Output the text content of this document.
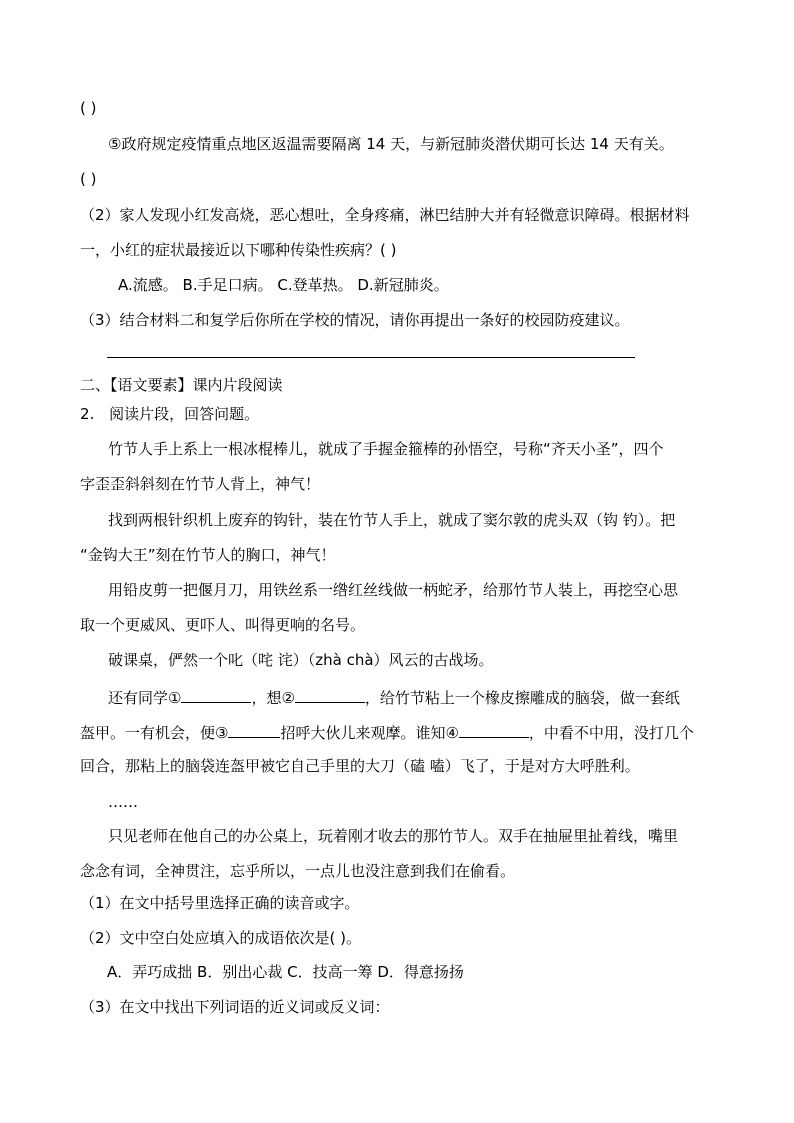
( )
⑤政府规定疫情重点地区返温需要隔离 14 天，与新冠肺炎潜伏期可长达 14 天有关。
( )
（2）家人发现小红发高烧，恶心想吐，全身疼痛，淋巴结肿大并有轻微意识障碍。根据材料
一，小红的症状最接近以下哪种传染性疾病？( )
A.流感。 B.手足口病。 C.登革热。 D.新冠肺炎。
（3）结合材料二和复学后你所在学校的情况，请你再提出一条好的校园防疫建议。
二、【语文要素】课内片段阅读
2. 阅读片段，回答问题。
竹节人手上系上一根冰棍棒儿，就成了手握金箍棒的孙悟空，号称“齐天小圣”，四个
字歪歪斜斜刻在竹节人背上，神气！
找到两根针织机上废弃的钩针，装在竹节人手上，就成了窦尔敦的虎头双（钩 钓）。把
“金钩大王”刻在竹节人的胸口，神气！
用铅皮剪一把偃月刀，用铁丝系一绺红丝线做一柄蛇矛，给那竹节人装上，再挖空心思
取一个更威风、更吓人、叫得更响的名号。
破课桌，俨然一个叱（咤 诧）（zhà chà）风云的古战场。
还有同学①	，想②	，给竹节粘上一个橡皮擦雕成的脑袋，做一套纸
盔甲。一有机会，便③	招呼大伙儿来观摩。谁知④	，中看不中用，没打几个
回合，那粘上的脑袋连盔甲被它自己手里的大刀（磕 嗑）飞了，于是对方大呼胜利。
……
只见老师在他自己的办公桌上，玩着刚才收去的那竹节人。双手在抽屉里扯着线，嘴里
念念有词，全神贯注，忘乎所以，一点儿也没注意到我们在偷看。
（1）在文中括号里选择正确的读音或字。
（2）文中空白处应填入的成语依次是( )。
A．弄巧成拙 B．别出心裁 C．技高一筹 D．得意扬扬
（3）在文中找出下列词语的近义词或反义词：
